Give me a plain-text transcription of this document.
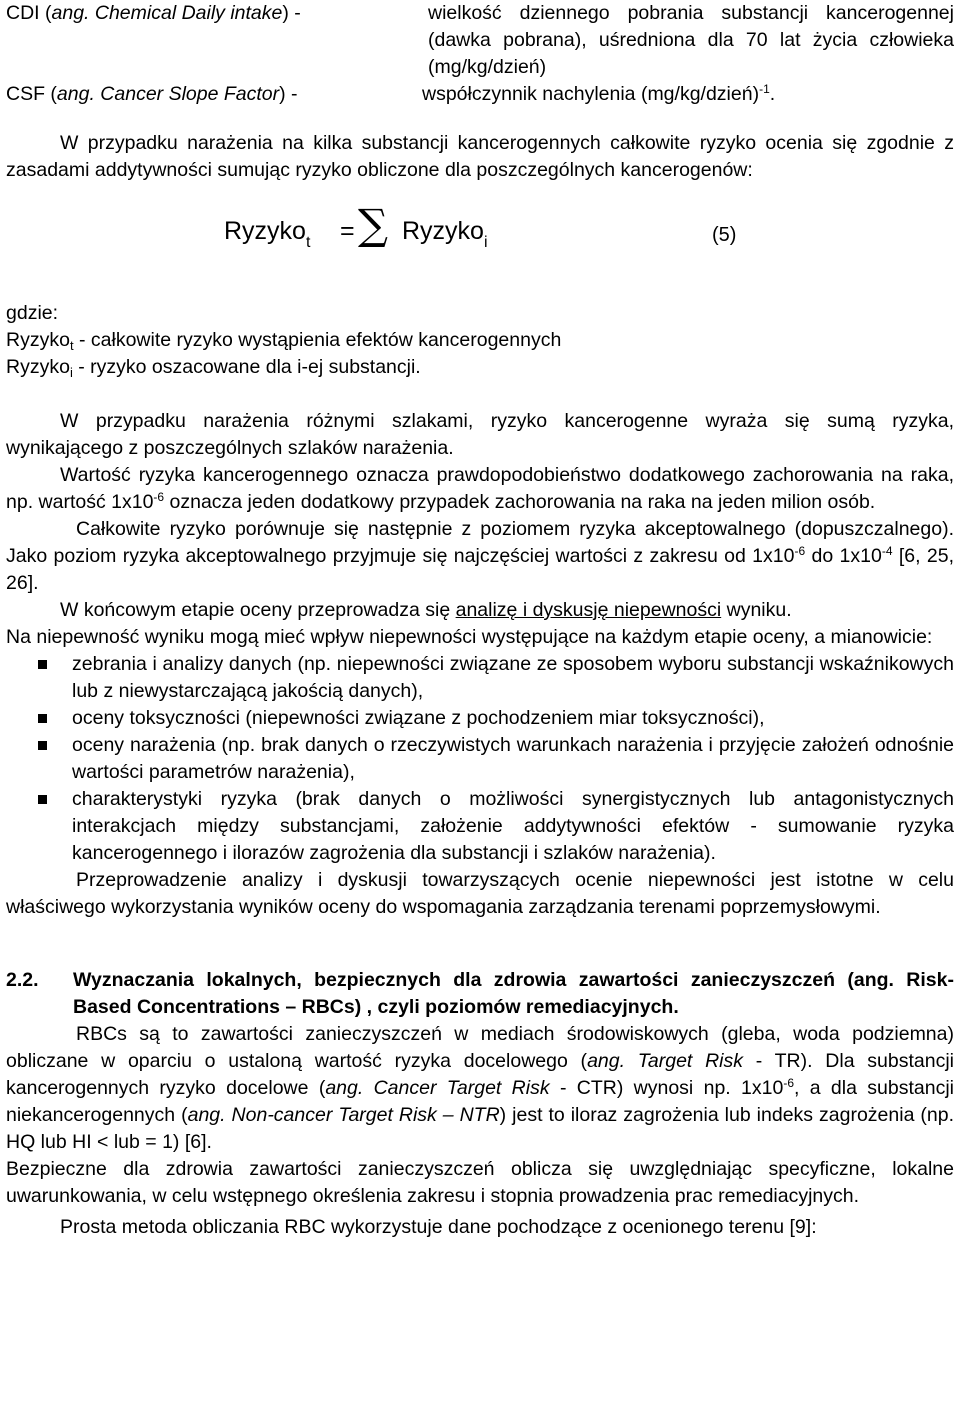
CDI (ang. Chemical Daily intake) -	wielkość dziennego pobrania substancji kancerogennej (dawka pobrana), uśredniona dla 70 lat życia człowieka (mg/kg/dzień)
CSF (ang. Cancer Slope Factor) -	współczynnik nachylenia (mg/kg/dzień)$^{-1}$.

W przypadku narażenia na kilka substancji kancerogennych całkowite ryzyko ocenia się zgodnie z zasadami addytywności sumując ryzyko obliczone dla poszczególnych kancerogenów:

Ryzyko$_t$ = ∑ Ryzyko$_i$	(5)

gdzie:

Ryzyko$_t$ - całkowite ryzyko wystąpienia efektów kancerogennych

Ryzyko$_i$ - ryzyko oszacowane dla i-ej substancji.

W przypadku narażenia różnymi szlakami, ryzyko kancerogenne wyraża się sumą ryzyka, wynikającego z poszczególnych szlaków narażenia.

Wartość ryzyka kancerogennego oznacza prawdopodobieństwo dodatkowego zachorowania na raka, np. wartość $1x10^{-6}$ oznacza jeden dodatkowy przypadek zachorowania na raka na jeden milion osób.

Całkowite ryzyko porównuje się następnie z poziomem ryzyka akceptowalnego (dopuszczalnego). Jako poziom ryzyka akceptowalnego przyjmuje się najczęściej wartości z zakresu od $1x10^{-6}$ do $1x10^{-4}$ [6, 25, 26].

W końcowym etapie oceny przeprowadza się analizę i dyskusję niepewności wyniku.

Na niepewność wyniku mogą mieć wpływ niepewności występujące na każdym etapie oceny, a mianowicie:

zebrania i analizy danych (np. niepewności związane ze sposobem wyboru substancji wskaźnikowych lub z niewystarczającą jakością danych),
oceny toksyczności (niepewności związane z pochodzeniem miar toksyczności),
oceny narażenia (np. brak danych o rzeczywistych warunkach narażenia i przyjęcie założeń odnośnie wartości parametrów narażenia),
charakterystyki ryzyka (brak danych o możliwości synergistycznych lub antagonistycznych interakcjach między substancjami, założenie addytywności efektów - sumowanie ryzyka kancerogennego i ilorazów zagrożenia dla substancji i szlaków narażenia).

Przeprowadzenie analizy i dyskusji towarzyszących ocenie niepewności jest istotne w celu właściwego wykorzystania wyników oceny do wspomagania zarządzania terenami poprzemysłowymi.

2.2.	Wyznaczania lokalnych, bezpiecznych dla zdrowia zawartości zanieczyszczeń (ang. Risk-Based Concentrations – RBCs) , czyli poziomów remediacyjnych.

RBCs są to zawartości zanieczyszczeń w mediach środowiskowych (gleba, woda podziemna) obliczane w oparciu o ustaloną wartość ryzyka docelowego (ang. Target Risk - TR). Dla substancji kancerogennych ryzyko docelowe (ang. Cancer Target Risk - CTR) wynosi np. $1x10^{-6}$, a dla substancji niekancerogennych (ang. Non-cancer Target Risk – NTR) jest to iloraz zagrożenia lub indeks zagrożenia (np. HQ lub HI < lub = 1) [6].

Bezpieczne dla zdrowia zawartości zanieczyszczeń oblicza się uwzględniając specyficzne, lokalne uwarunkowania, w celu wstępnego określenia zakresu i stopnia prowadzenia prac remediacyjnych.

Prosta metoda obliczania RBC wykorzystuje dane pochodzące z ocenionego terenu [9]:
